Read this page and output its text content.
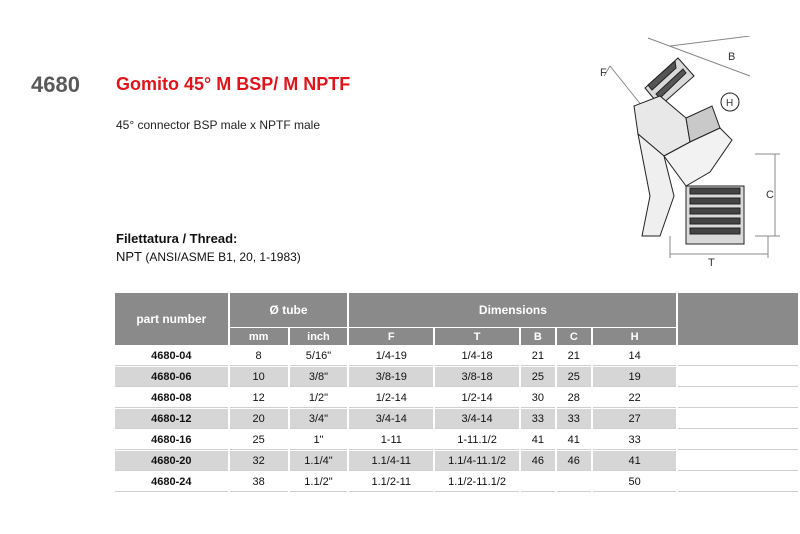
4680 Gomito 45° M BSP/ M NPTF
45° connector BSP male x NPTF male
F
B
H
C
T
Filettatura / Thread:
NPT (ANSI/ASME B1, 20, 1-1983)
part number	Ø tube		Dimensions					
	mm	inch	F	T	B	C	H	
4680-04	8	5/16"	1/4-19	1/4-18	21	21	14	
4680-06	10	3/8"	3/8-19	3/8-18	25	25	19	
4680-08	12	1/2"	1/2-14	1/2-14	30	28	22	
4680-12	20	3/4"	3/4-14	3/4-14	33	33	27	
4680-16	25	1"	1-11	1-11.1/2	41	41	33	
4680-20	32	1.1/4"	1.1/4-11	1.1/4-11.1/2	46	46	41	
4680-24	38	1.1/2"	1.1/2-11	1.1/2-11.1/2			50	
